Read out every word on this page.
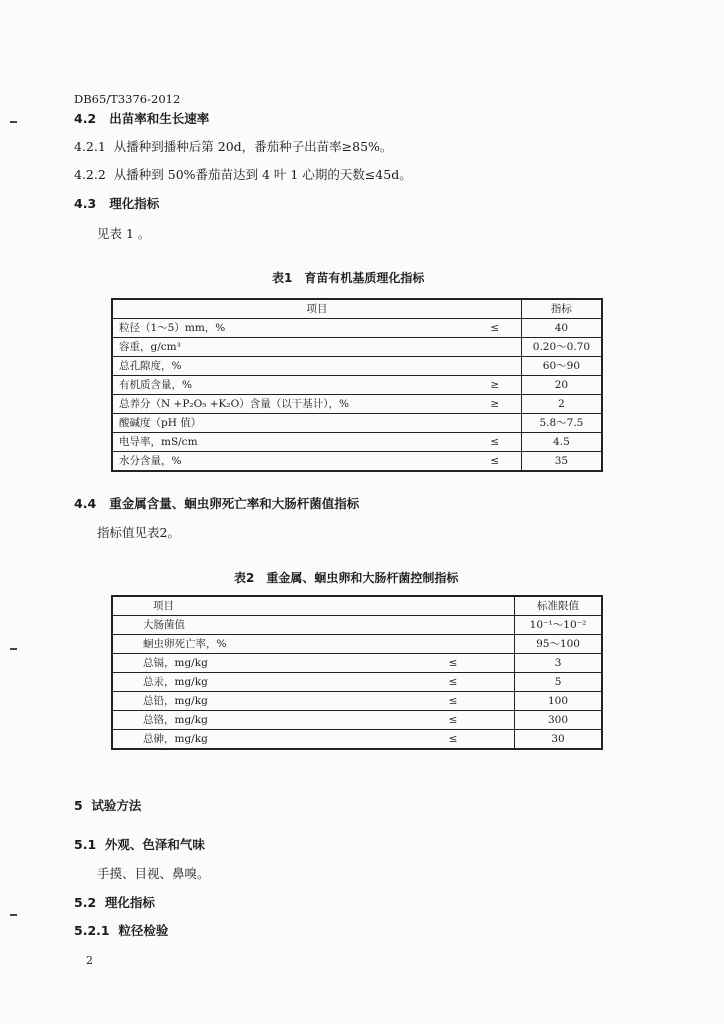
DB65/T3376-2012
4.2 出苗率和生长速率
4.2.1 从播种到播种后第 20d，番茄种子出苗率≥85%。
4.2.2 从播种到 50%番茄苗达到 4 叶 1 心期的天数≤45d。
4.3 理化指标
见表 1 。
表1　育苗有机基质理化指标
项目		指标
粒径（1～5）mm，%	≤	40
容重，g/cm³		0.20～0.70
总孔隙度，%		60～90
有机质含量，%	≥	20
总养分（N +P₂O₅ +K₂O）含量（以干基计），%	≥	2
酸碱度（pH 值）		5.8～7.5
电导率，mS/cm	≤	4.5
水分含量，%	≤	35
4.4 重金属含量、蛔虫卵死亡率和大肠杆菌值指标
指标值见表2。
表2　重金属、蛔虫卵和大肠杆菌控制指标
项目		标准限值
大肠菌值		10⁻¹～10⁻²
蛔虫卵死亡率，%		95～100
总镉，mg/kg	≤	3
总汞，mg/kg	≤	5
总铅，mg/kg	≤	100
总铬，mg/kg	≤	300
总砷，mg/kg	≤	30
5 试验方法
5.1 外观、色泽和气味
手摸、目视、鼻嗅。
5.2 理化指标
5.2.1 粒径检验
2
